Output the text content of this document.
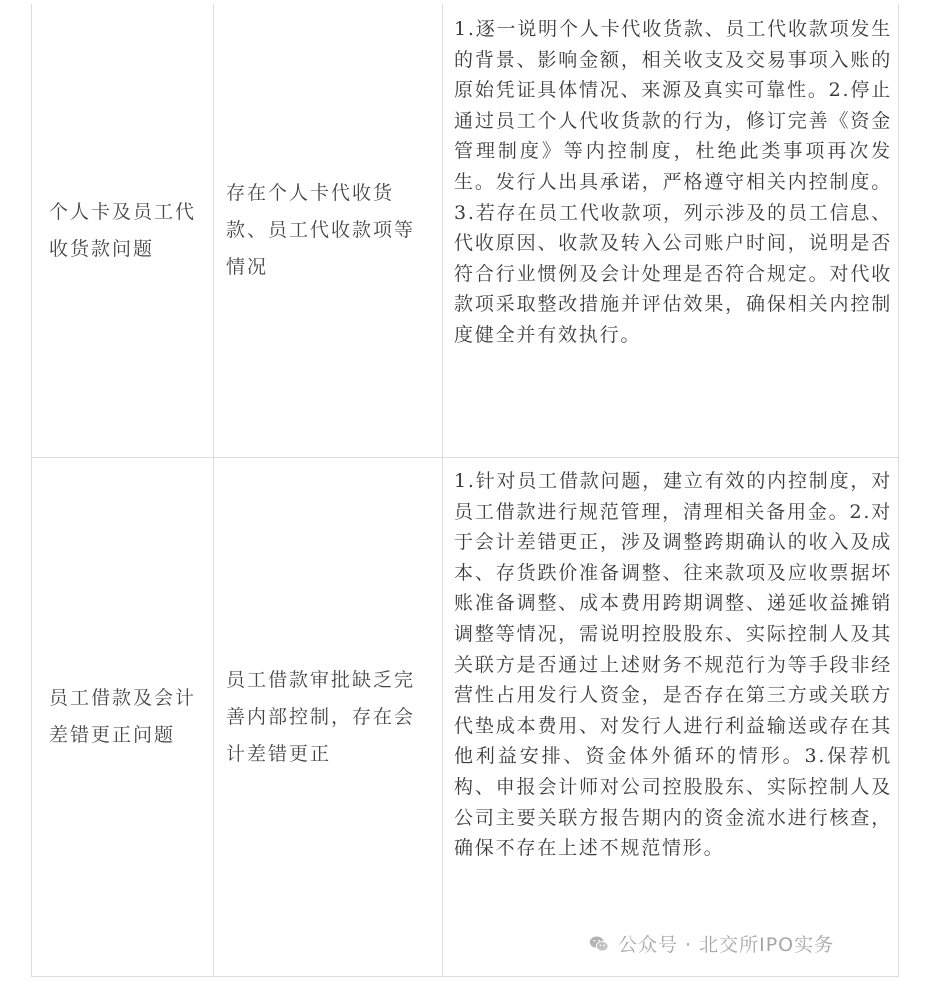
个人卡及员工代收货款问题
存在个人卡代收货款、员工代收款项等情况
1.逐一说明个人卡代收货款、员工代收款项发生的背景、影响金额，相关收支及交易事项入账的原始凭证具体情况、来源及真实可靠性。2.停止通过员工个人代收货款的行为，修订完善《资金管理制度》等内控制度，杜绝此类事项再次发生。发行人出具承诺，严格遵守相关内控制度。3.若存在员工代收款项，列示涉及的员工信息、代收原因、收款及转入公司账户时间，说明是否符合行业惯例及会计处理是否符合规定。对代收款项采取整改措施并评估效果，确保相关内控制度健全并有效执行。
员工借款及会计差错更正问题
员工借款审批缺乏完善内部控制，存在会计差错更正
1.针对员工借款问题，建立有效的内控制度，对员工借款进行规范管理，清理相关备用金。2.对于会计差错更正，涉及调整跨期确认的收入及成本、存货跌价准备调整、往来款项及应收票据坏账准备调整、成本费用跨期调整、递延收益摊销调整等情况，需说明控股股东、实际控制人及其关联方是否通过上述财务不规范行为等手段非经营性占用发行人资金，是否存在第三方或关联方代垫成本费用、对发行人进行利益输送或存在其他利益安排、资金体外循环的情形。3.保荐机构、申报会计师对公司控股股东、实际控制人及公司主要关联方报告期内的资金流水进行核查，确保不存在上述不规范情形。
公众号 · 北交所IPO实务
